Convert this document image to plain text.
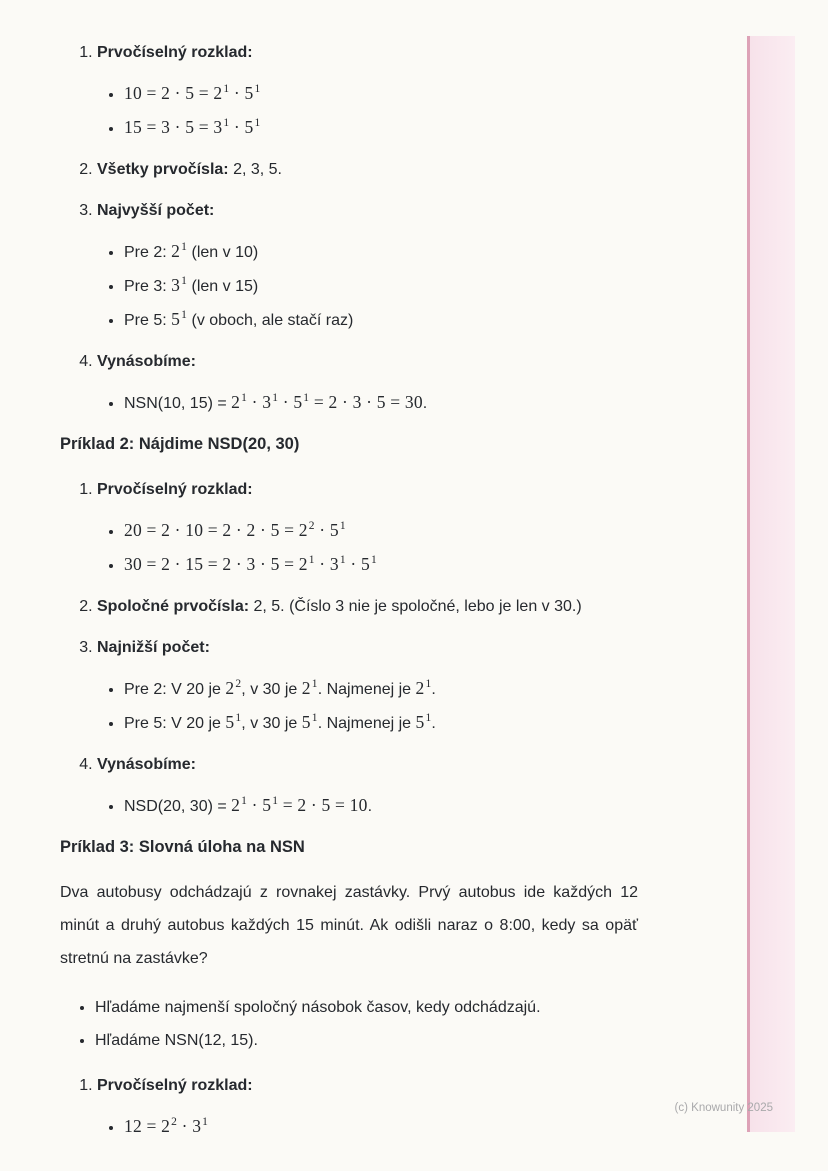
1. Prvočíselný rozklad:
• $10 = 2 \cdot 5 = 2^1 \cdot 5^1$
• $15 = 3 \cdot 5 = 3^1 \cdot 5^1$
2. Všetky prvočísla: 2, 3, 5.
3. Najvyšší počet:
• Pre 2: $2^1$ (len v 10)
• Pre 3: $3^1$ (len v 15)
• Pre 5: $5^1$ (v oboch, ale stačí raz)
4. Vynásobíme:
• NSN(10, $15) = 2^1 \cdot 3^1 \cdot 5^1 = 2 \cdot 3 \cdot 5 = 30$.
Príklad 2: Nájdime NSD(20, 30)
1. Prvočíselný rozklad:
• $20 = 2 \cdot 10 = 2 \cdot 2 \cdot 5 = 2^2 \cdot 5^1$
• $30 = 2 \cdot 15 = 2 \cdot 3 \cdot 5 = 2^1 \cdot 3^1 \cdot 5^1$
2. Spoločné prvočísla: 2, 5. (Číslo 3 nie je spoločné, lebo je len v 30.)
3. Najnižší počet:
• Pre 2: V 20 je $2^2$, v 30 je $2^1$. Najmenej je $2^1$.
• Pre 5: V 20 je $5^1$, v 30 je $5^1$. Najmenej je $5^1$.
4. Vynásobíme:
• NSD(20, $30) = 2^1 \cdot 5^1 = 2 \cdot 5 = 10$.
Príklad 3: Slovná úloha na NSN
Dva autobusy odchádzajú z rovnakej zastávky. Prvý autobus ide každých 12
minút a druhý autobus každých 15 minút. Ak odišli naraz o 8:00, kedy sa opäť
stretnú na zastávke?
• Hľadáme najmenší spoločný násobok časov, kedy odchádzajú.
• Hľadáme NSN(12, 15).
1. Prvočíselný rozklad:
• $12 = 2^2 \cdot 3^1$
(c) Knowunity 2025
